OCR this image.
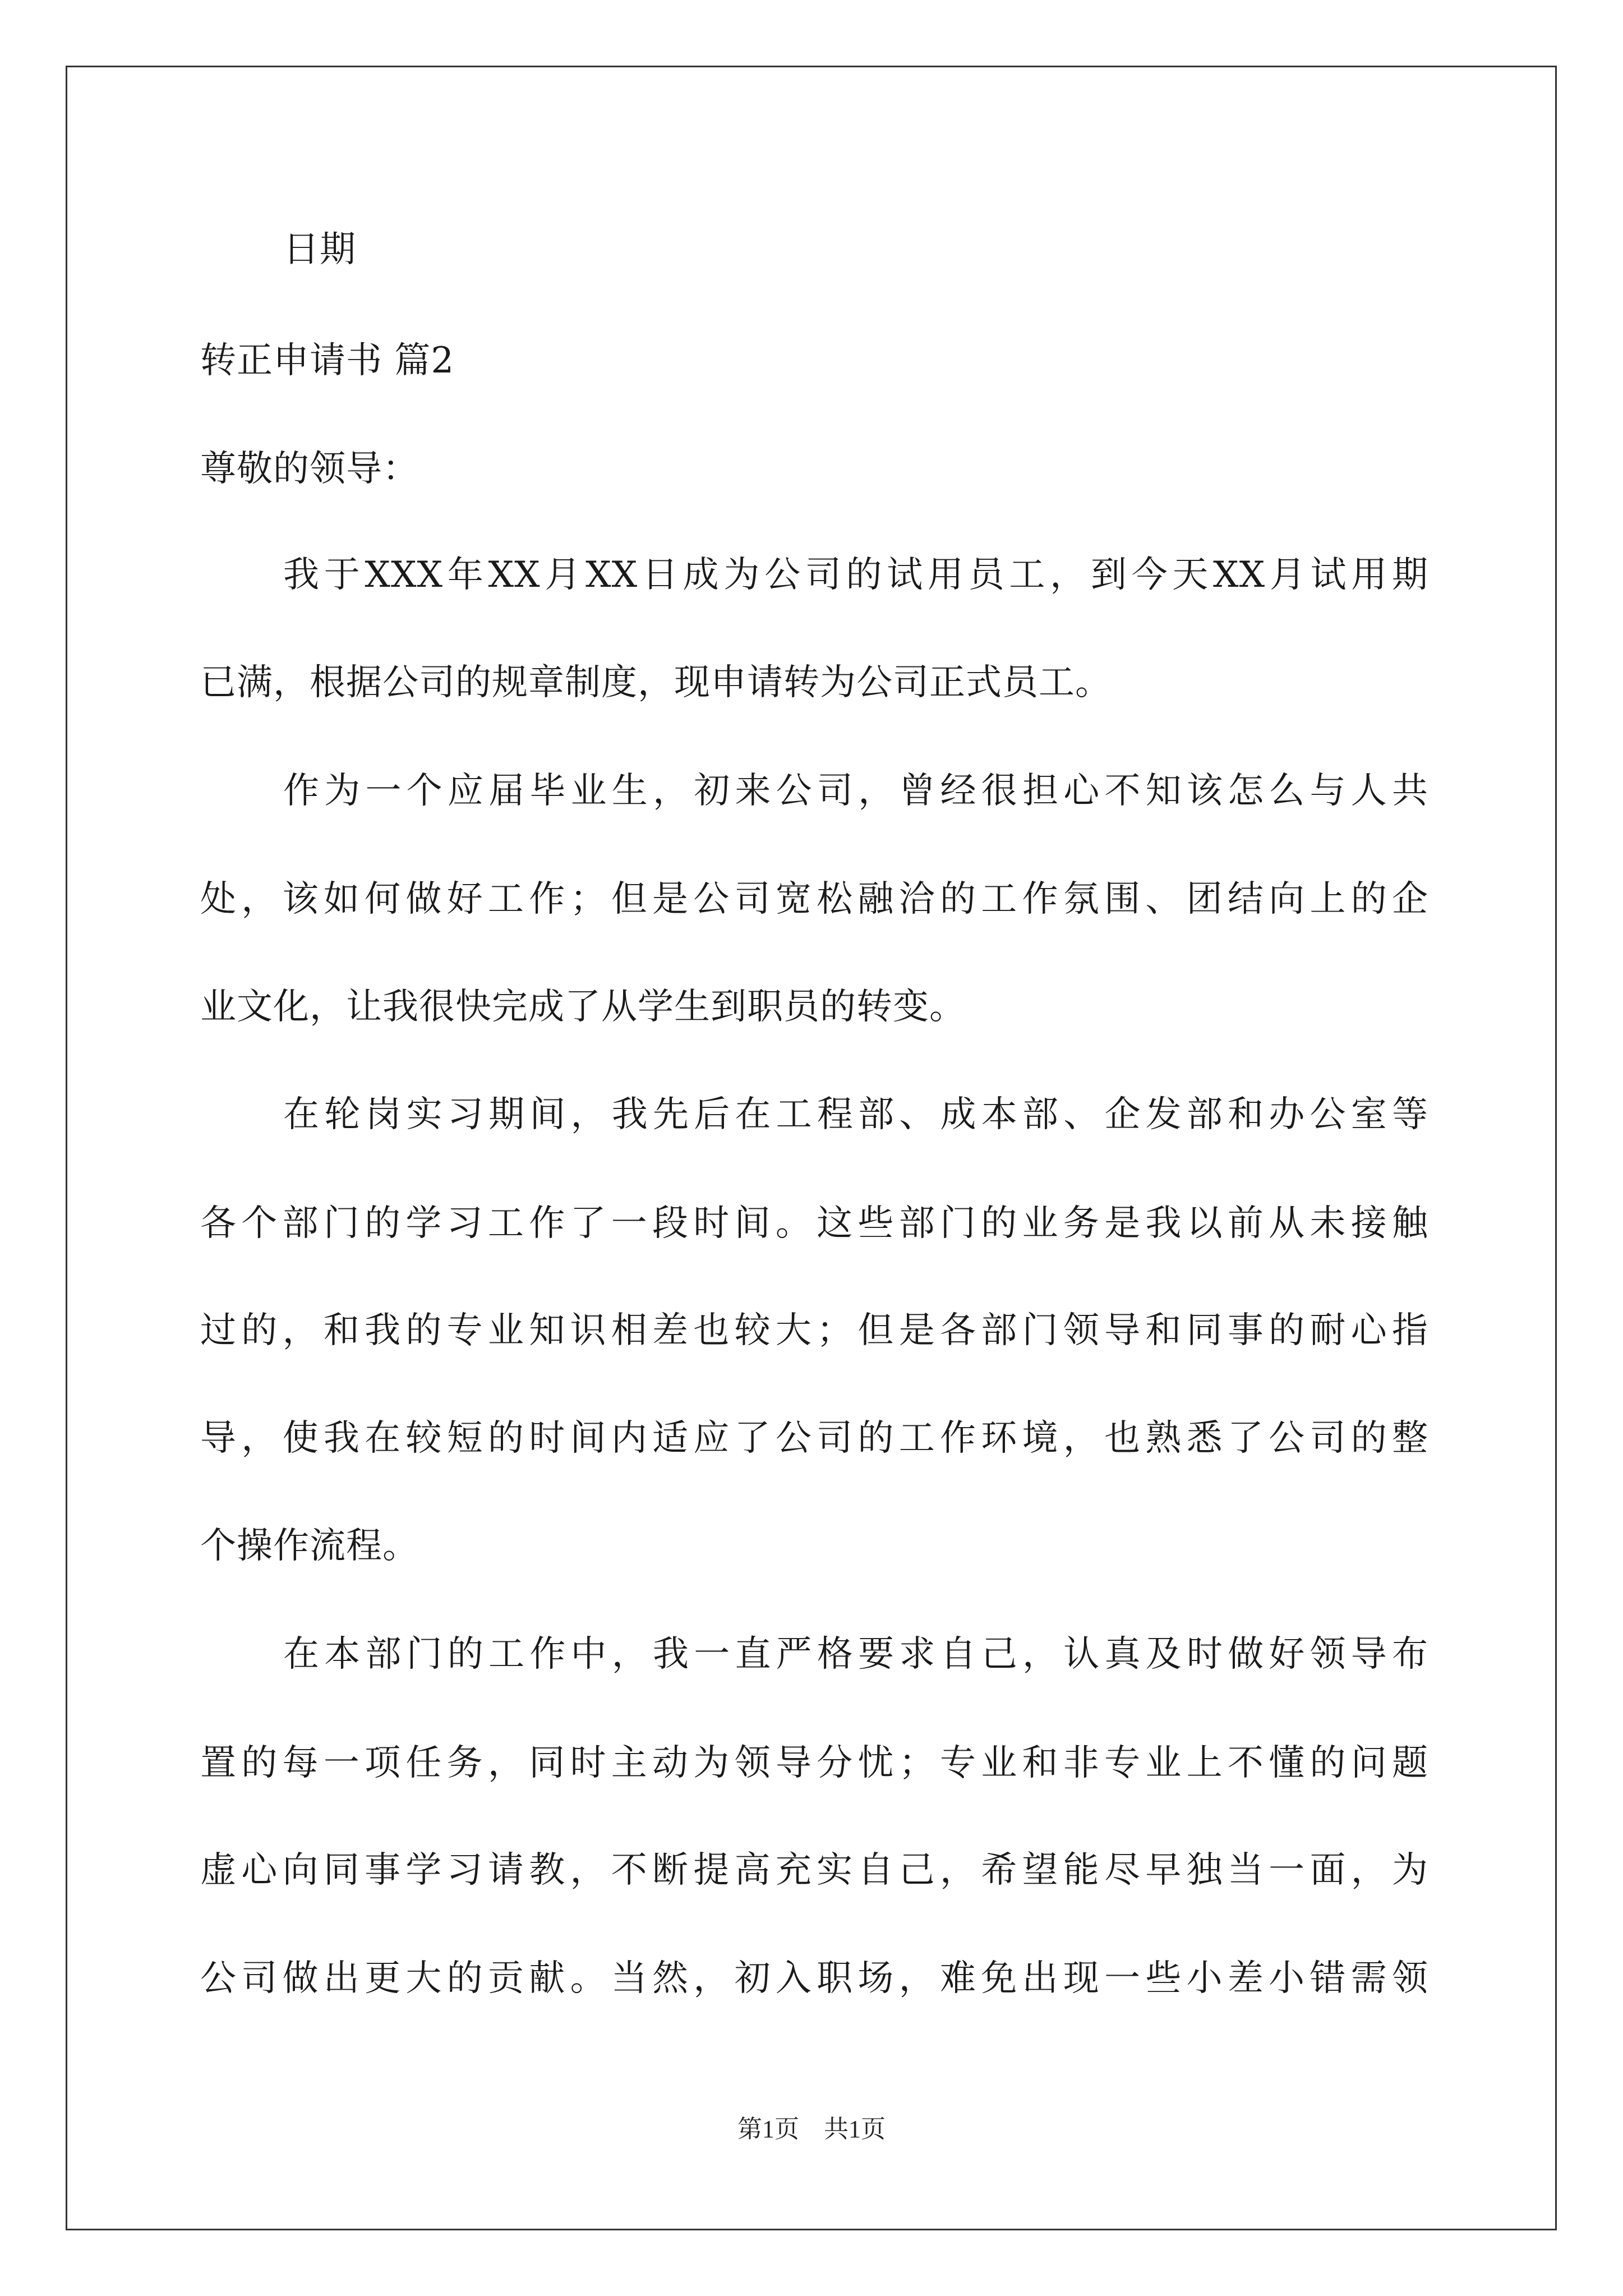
日期
转正申请书 篇2
尊敬的领导：
我于XXX年XX月XX日成为公司的试用员工，到今天XX月试用期
已满，根据公司的规章制度，现申请转为公司正式员工。
作为一个应届毕业生，初来公司，曾经很担心不知该怎么与人共
处，该如何做好工作；但是公司宽松融洽的工作氛围、团结向上的企
业文化，让我很快完成了从学生到职员的转变。
在轮岗实习期间，我先后在工程部、成本部、企发部和办公室等
各个部门的学习工作了一段时间。这些部门的业务是我以前从未接触
过的，和我的专业知识相差也较大；但是各部门领导和同事的耐心指
导，使我在较短的时间内适应了公司的工作环境，也熟悉了公司的整
个操作流程。
在本部门的工作中，我一直严格要求自己，认真及时做好领导布
置的每一项任务，同时主动为领导分忧；专业和非专业上不懂的问题
虚心向同事学习请教，不断提高充实自己，希望能尽早独当一面，为
公司做出更大的贡献。当然，初入职场，难免出现一些小差小错需领
第1页　共1页
